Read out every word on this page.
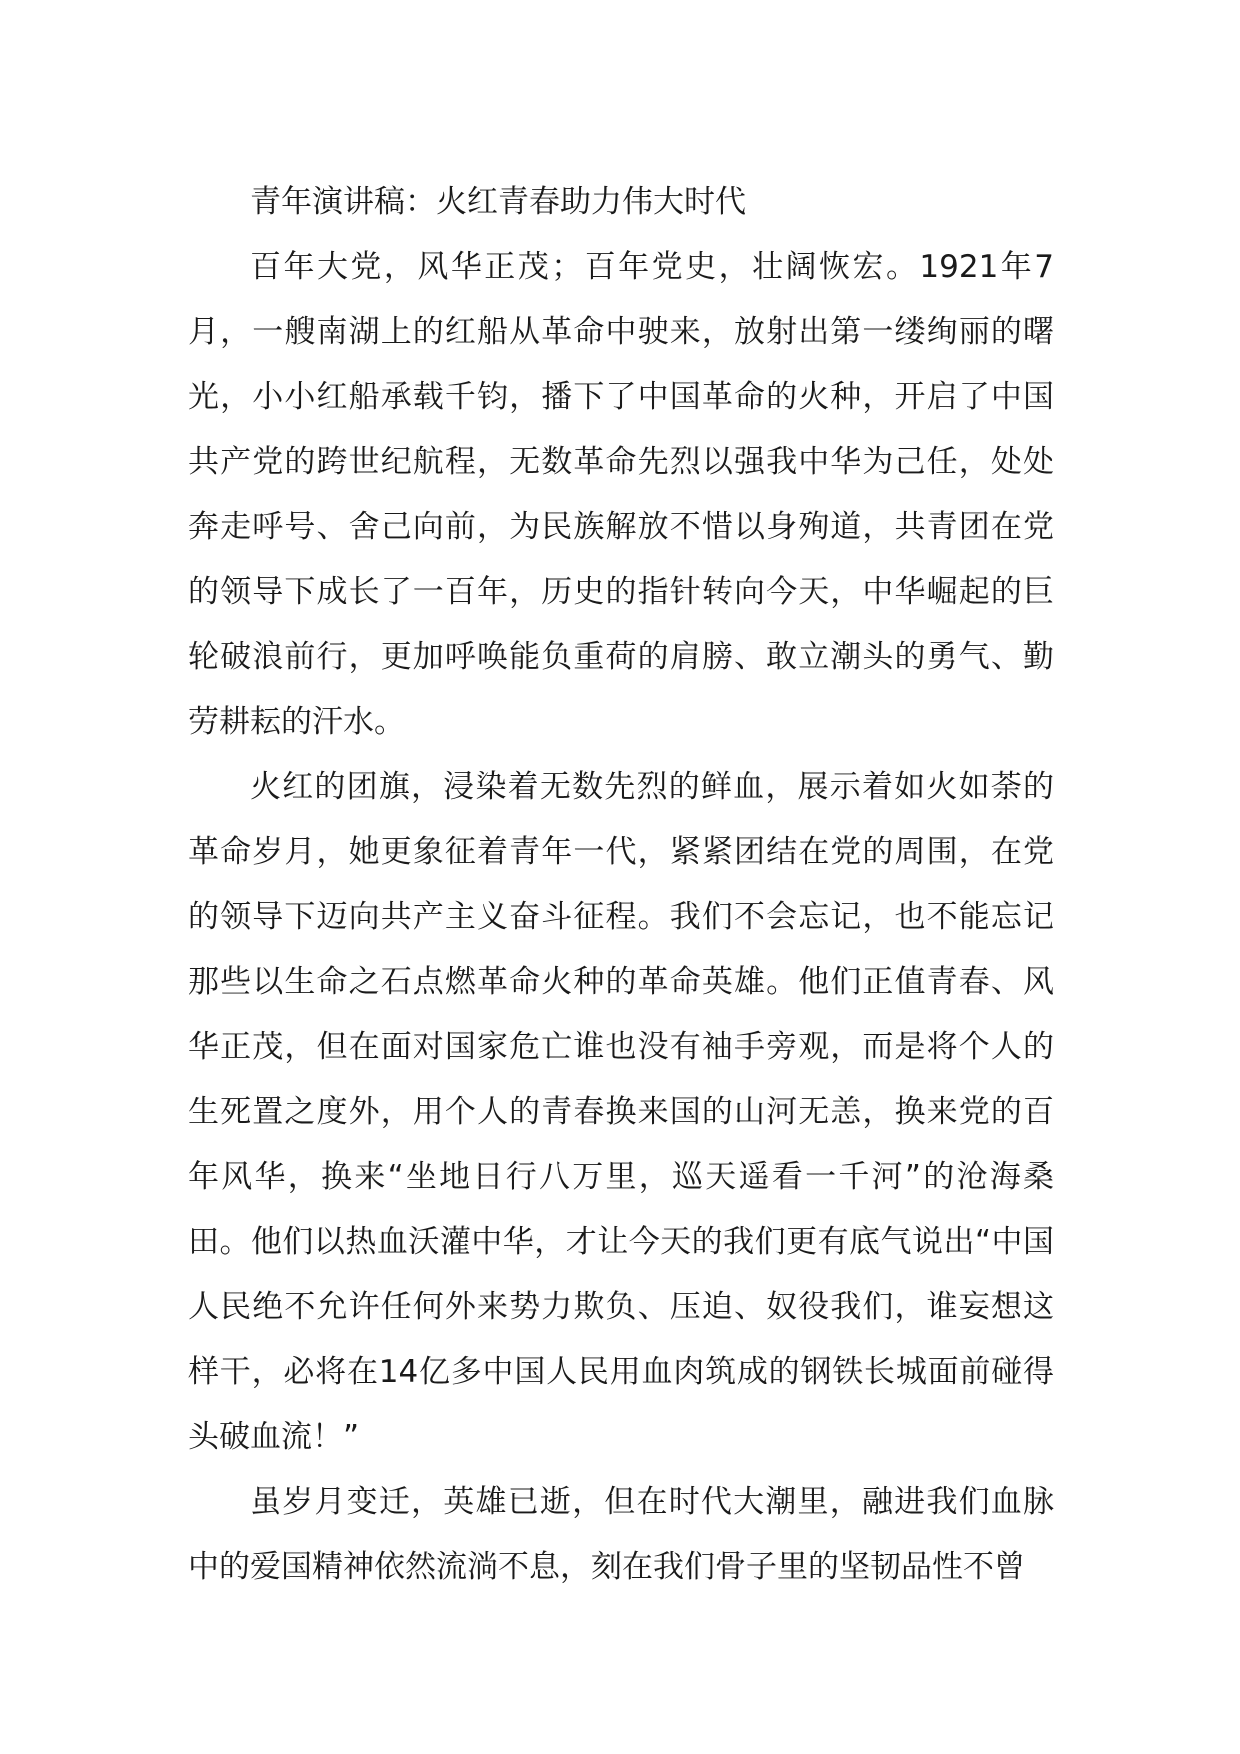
青年演讲稿：火红青春助力伟大时代

百年大党，风华正茂；百年党史，壮阔恢宏。1921年7月，一艘南湖上的红船从革命中驶来，放射出第一缕绚丽的曙光，小小红船承载千钧，播下了中国革命的火种，开启了中国共产党的跨世纪航程，无数革命先烈以强我中华为己任，处处奔走呼号、舍己向前，为民族解放不惜以身殉道，共青团在党的领导下成长了一百年，历史的指针转向今天，中华崛起的巨轮破浪前行，更加呼唤能负重荷的肩膀、敢立潮头的勇气、勤劳耕耘的汗水。

火红的团旗，浸染着无数先烈的鲜血，展示着如火如荼的革命岁月，她更象征着青年一代，紧紧团结在党的周围，在党的领导下迈向共产主义奋斗征程。我们不会忘记，也不能忘记那些以生命之石点燃革命火种的革命英雄。他们正值青春、风华正茂，但在面对国家危亡谁也没有袖手旁观，而是将个人的生死置之度外，用个人的青春换来国的山河无恙，换来党的百年风华，换来“坐地日行八万里，巡天遥看一千河”的沧海桑田。他们以热血沃灌中华，才让今天的我们更有底气说出“中国人民绝不允许任何外来势力欺负、压迫、奴役我们，谁妄想这样干，必将在14亿多中国人民用血肉筑成的钢铁长城面前碰得头破血流！”

虽岁月变迁，英雄已逝，但在时代大潮里，融进我们血脉中的爱国精神依然流淌不息，刻在我们骨子里的坚韧品性不曾
